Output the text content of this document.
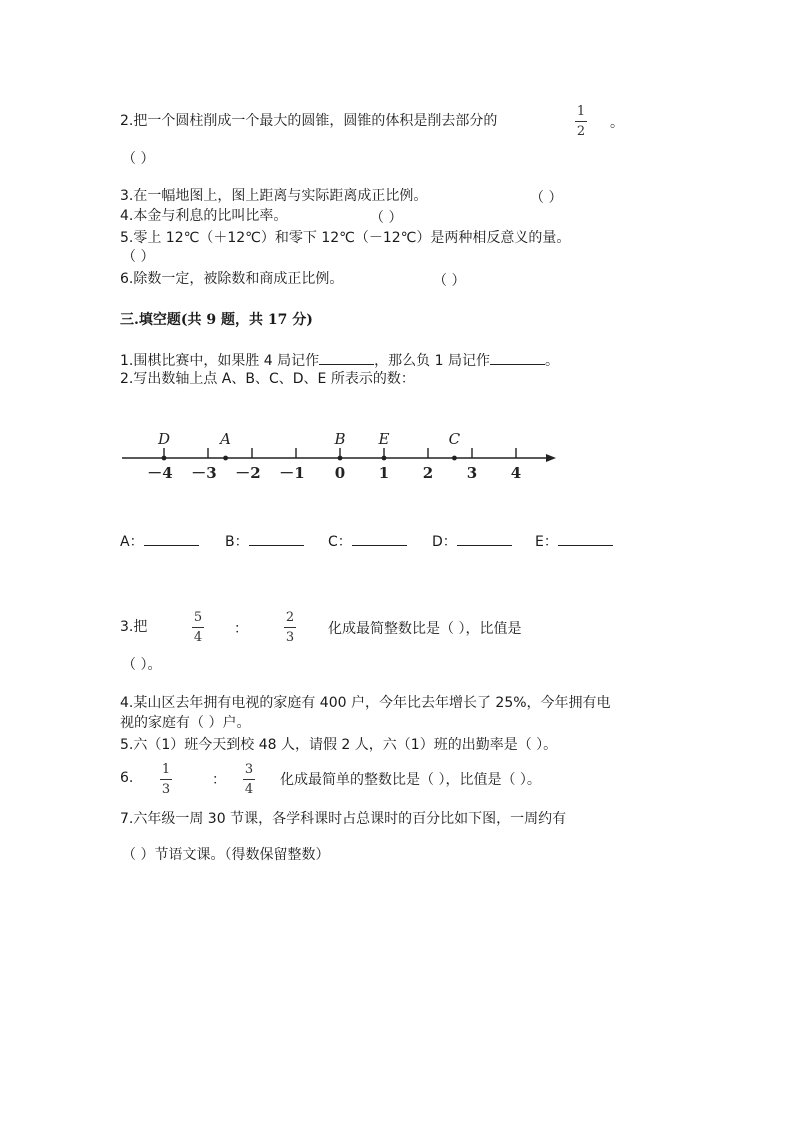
2.把一个圆柱削成一个最大的圆锥，圆锥的体积是削去部分的
1
2
。
（ ）
3.在一幅地图上，图上距离与实际距离成正比例。	（ ）
4.本金与利息的比叫比率。	（ ）
5.零上 12℃（＋12℃）和零下 12℃（－12℃）是两种相反意义的量。
（ ）
6.除数一定，被除数和商成正比例。	（ ）
三.填空题(共 9 题，共 17 分)
1.围棋比赛中，如果胜 4 局记作	，那么负 1 局记作	。
2.写出数轴上点 A、B、C、D、E 所表示的数：
－4 －3 －2 －1 0 1 2 3 4
D	A	B E	C
A：	B：	C：	D：	E：
3.把
5
4
：
2
3
化成最简整数比是（ ），比值是
（ ）。
4.某山区去年拥有电视的家庭有 400 户，今年比去年增长了 25%，今年拥有电
视的家庭有（ ）户。
5.六（1）班今天到校 48 人，请假 2 人，六（1）班的出勤率是（ ）。
6.
1
3
：
3
4
化成最简单的整数比是（ ），比值是（ ）。
7.六年级一周 30 节课，各学科课时占总课时的百分比如下图，一周约有
（ ）节语文课。（得数保留整数）
